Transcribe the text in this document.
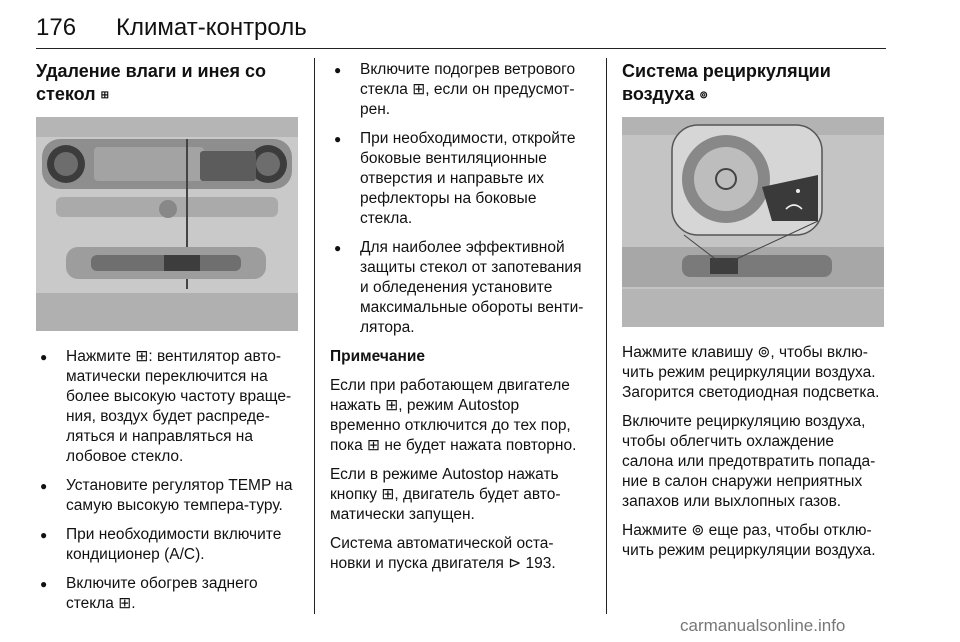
176 Климат-контроль
Удаление влаги и инея со стекол ⊞
● Нажмите ⊞: вентилятор авто-матически переключится на более высокую частоту враще-ния, воздух будет распреде-ляться и направляться на лобовое стекло.
● Установите регулятор TEMP на самую высокую темпера-туру.
● При необходимости включите кондиционер (A/C).
● Включите обогрев заднего стекла ⊞.
● Включите подогрев ветрового стекла ⊞, если он предусмот-рен.
● При необходимости, откройте боковые вентиляционные отверстия и направьте их рефлекторы на боковые стекла.
● Для наиболее эффективной защиты стекол от запотевания и обледенения установите максимальные обороты венти-лятора.

Примечание

Если при работающем двигателе нажать ⊞, режим Autostop временно отключится до тех пор, пока ⊞ не будет нажата повторно.

Если в режиме Autostop нажать кнопку ⊞, двигатель будет авто-матически запущен.

Система автоматической оста-новки и пуска двигателя ⊳ 193.

Система рециркуляции воздуха ⊚

Нажмите клавишу ⊚, чтобы вклю-чить режим рециркуляции воздуха. Загорится светодиодная подсветка.

Включите рециркуляцию воздуха, чтобы облегчить охлаждение салона или предотвратить попада-ние в салон снаружи неприятных запахов или выхлопных газов.

Нажмите ⊚ еще раз, чтобы отклю-чить режим рециркуляции воздуха.

carmanualsonline.info
